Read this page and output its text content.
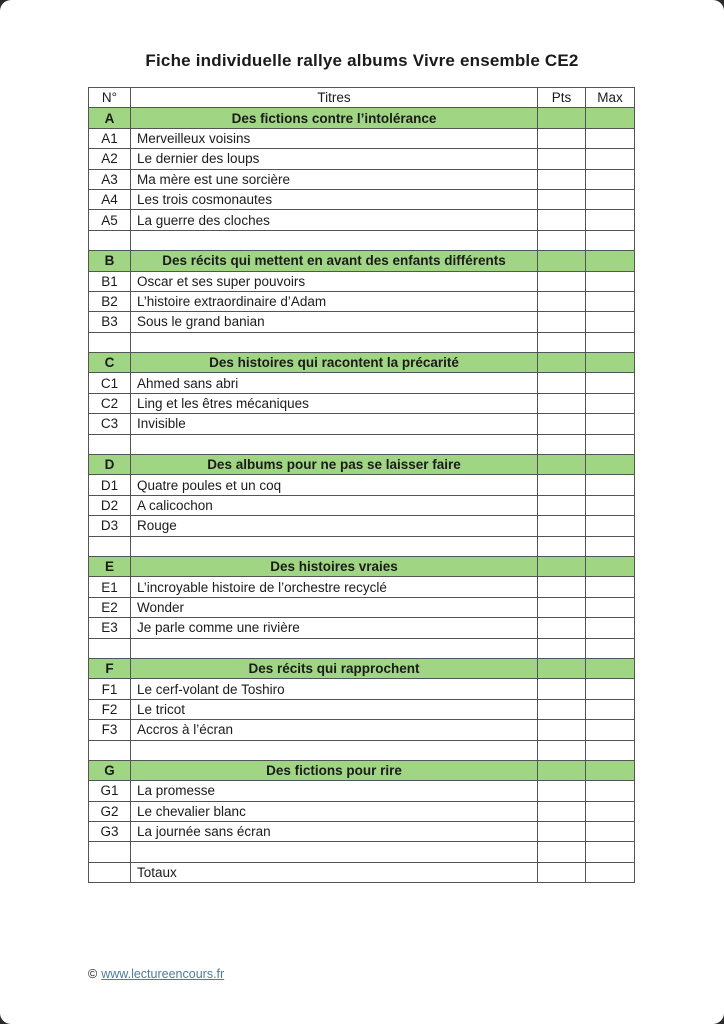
Fiche individuelle rallye albums Vivre ensemble CE2
N°	Titres	Pts	Max
A	Des fictions contre l’intolérance		
A1	Merveilleux voisins		
A2	Le dernier des loups		
A3	Ma mère est une sorcière		
A4	Les trois cosmonautes		
A5	La guerre des cloches		

B	Des récits qui mettent en avant des enfants différents		
B1	Oscar et ses super pouvoirs		
B2	L’histoire extraordinaire d’Adam		
B3	Sous le grand banian		

C	Des histoires qui racontent la précarité		
C1	Ahmed sans abri		
C2	Ling et les êtres mécaniques		
C3	Invisible		

D	Des albums pour ne pas se laisser faire		
D1	Quatre poules et un coq		
D2	A calicochon		
D3	Rouge		

E	Des histoires vraies		
E1	L’incroyable histoire de l’orchestre recyclé		
E2	Wonder		
E3	Je parle comme une rivière		

F	Des récits qui rapprochent		
F1	Le cerf-volant de Toshiro		
F2	Le tricot		
F3	Accros à l’écran		

G	Des fictions pour rire		
G1	La promesse		
G2	Le chevalier blanc		
G3	La journée sans écran		

	Totaux		
© www.lectureencours.fr
